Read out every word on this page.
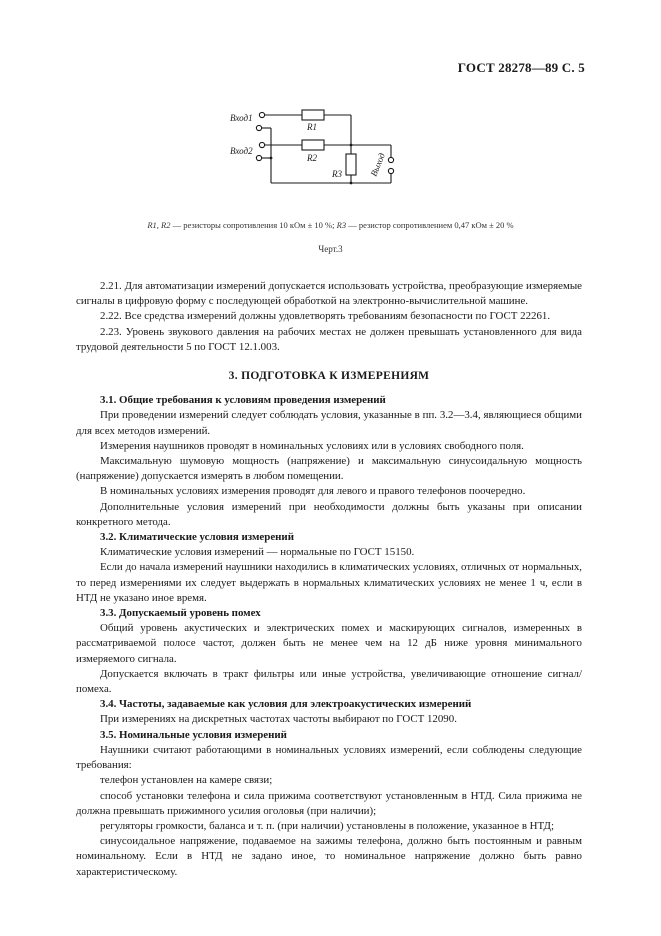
ГОСТ 28278—89 С. 5
Вход1
Вход2
R1
R2
R3	Выход
R1, R2 — резисторы сопротивления 10 кОм ± 10 %; R3 — резистор сопротивлением 0,47 кОм ± 20 %
Черт.3

2.21. Для автоматизации измерений допускается использовать устройства, преобразующие измеряемые сигналы в цифровую форму с последующей обработкой на электронно-вычислительной машине.

2.22. Все средства измерений должны удовлетворять требованиям безопасности по ГОСТ 22261.

2.23. Уровень звукового давления на рабочих местах не должен превышать установленного для вида трудовой деятельности 5 по ГОСТ 12.1.003.

3. ПОДГОТОВКА К ИЗМЕРЕНИЯМ

3.1. Общие требования к условиям проведения измерений

При проведении измерений следует соблюдать условия, указанные в пп. 3.2—3.4, являющиеся общими для всех методов измерений.

Измерения наушников проводят в номинальных условиях или в условиях свободного поля.

Максимальную шумовую мощность (напряжение) и максимальную синусоидальную мощность (напряжение) допускается измерять в любом помещении.

В номинальных условиях измерения проводят для левого и правого телефонов поочередно.

Дополнительные условия измерений при необходимости должны быть указаны при описании конкретного метода.

3.2. Климатические условия измерений

Климатические условия измерений — нормальные по ГОСТ 15150.

Если до начала измерений наушники находились в климатических условиях, отличных от нормальных, то перед измерениями их следует выдержать в нормальных климатических условиях не менее 1 ч, если в НТД не указано иное время.

3.3. Допускаемый уровень помех

Общий уровень акустических и электрических помех и маскирующих сигналов, измеренных в рассматриваемой полосе частот, должен быть не менее чем на 12 дБ ниже уровня минимального измеряемого сигнала.

Допускается включать в тракт фильтры или иные устройства, увеличивающие отношение сигнал/помеха.

3.4. Частоты, задаваемые как условия для электроакустических измерений

При измерениях на дискретных частотах частоты выбирают по ГОСТ 12090.

3.5. Номинальные условия измерений

Наушники считают работающими в номинальных условиях измерений, если соблюдены следующие требования:

телефон установлен на камере связи;

способ установки телефона и сила прижима соответствуют установленным в НТД. Сила прижима не должна превышать прижимного усилия оголовья (при наличии);

регуляторы громкости, баланса и т. п. (при наличии) установлены в положение, указанное в НТД;

синусоидальное напряжение, подаваемое на зажимы телефона, должно быть постоянным и равным номинальному. Если в НТД не задано иное, то номинальное напряжение должно быть равно характеристическому.
